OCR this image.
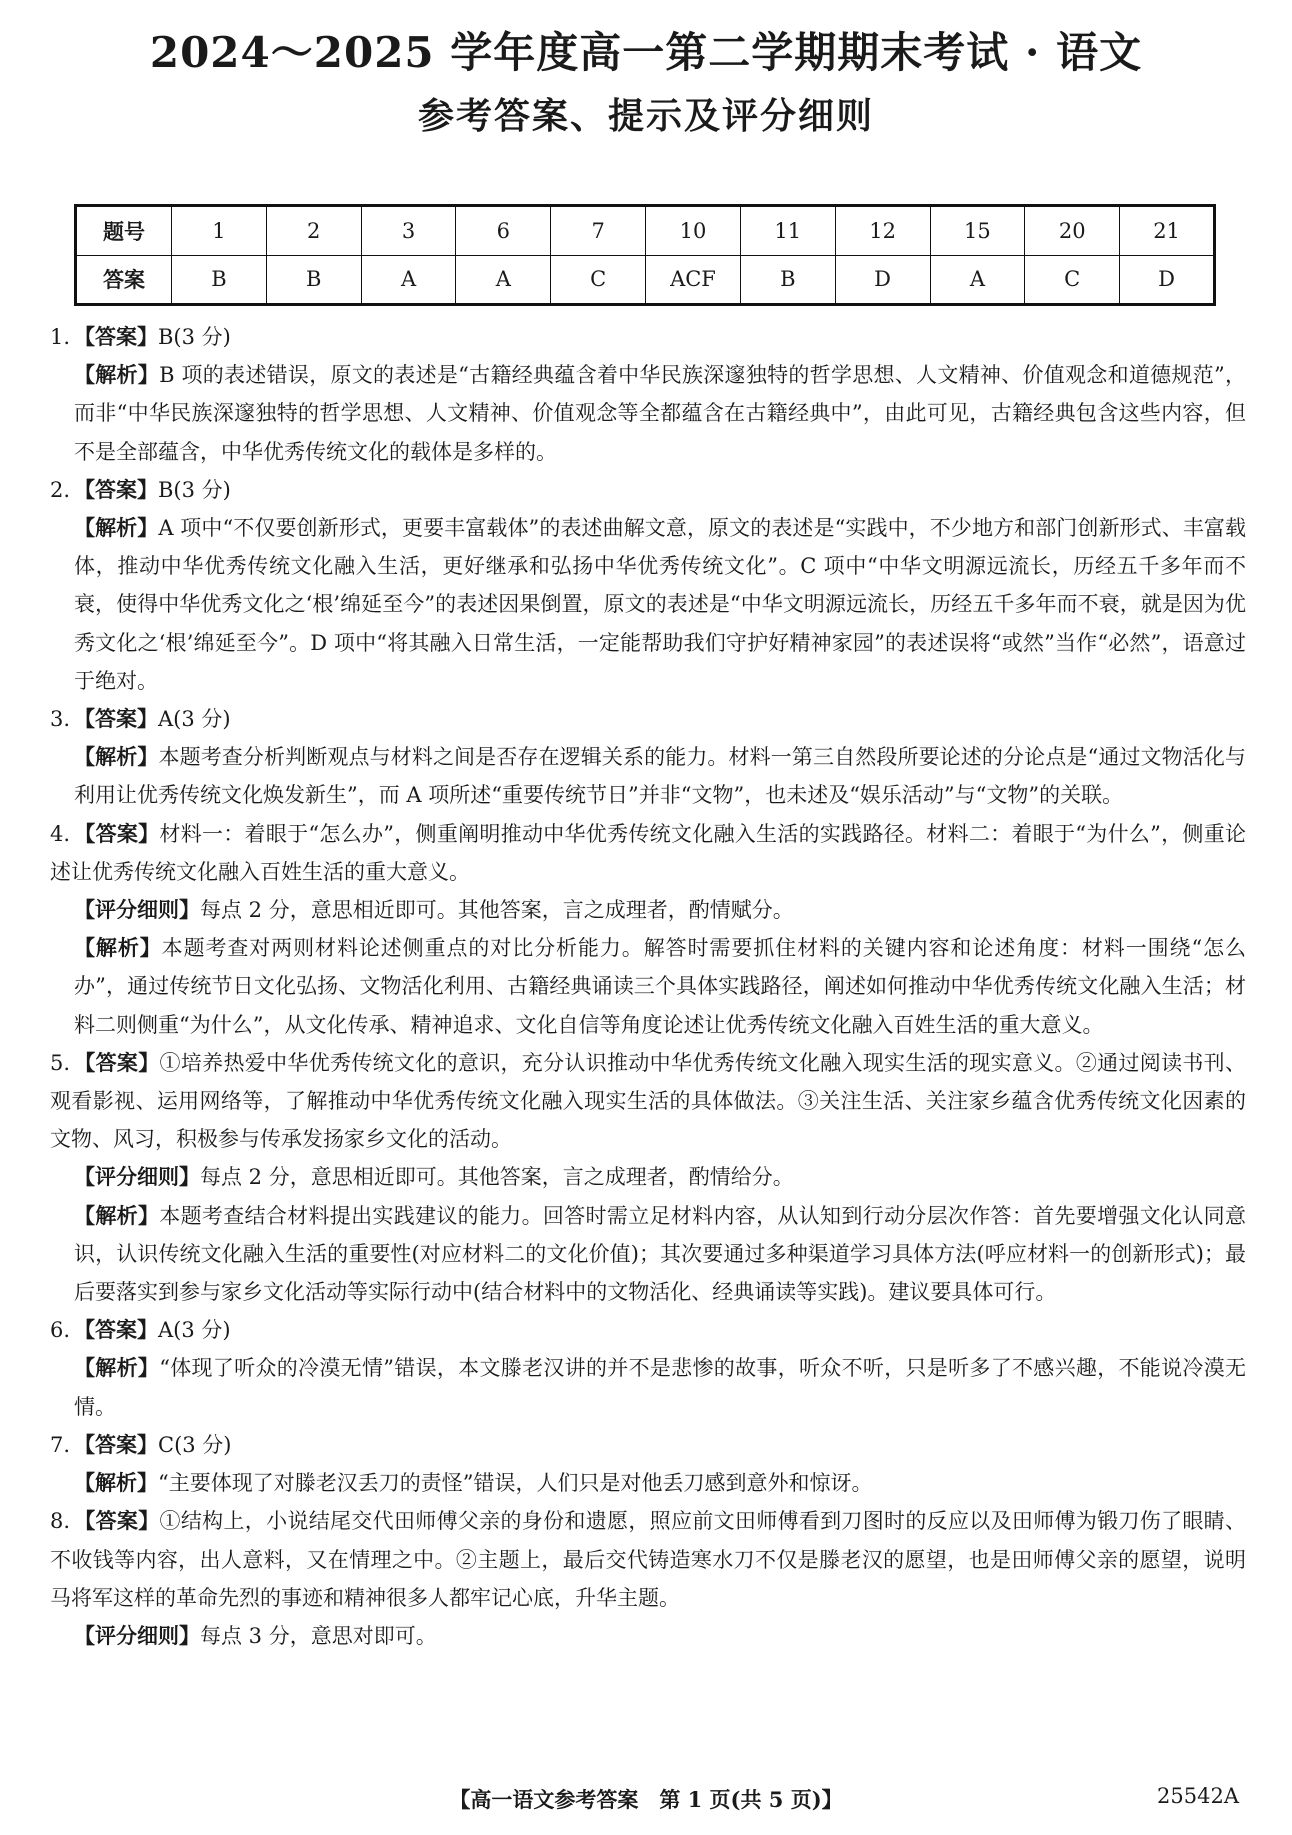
2024～2025 学年度高一第二学期期末考试 · 语文
参考答案、提示及评分细则
题号	1	2	3	6	7	10	11	12	15	20	21
答案	B	B	A	A	C	ACF	B	D	A	C	D
1. 【答案】B(3 分)
【解析】B 项的表述错误，原文的表述是“古籍经典蕴含着中华民族深邃独特的哲学思想、人文精神、价值观念和道德规范”，而非“中华民族深邃独特的哲学思想、人文精神、价值观念等全都蕴含在古籍经典中”，由此可见，古籍经典包含这些内容，但不是全部蕴含，中华优秀传统文化的载体是多样的。
2. 【答案】B(3 分)
【解析】A 项中“不仅要创新形式，更要丰富载体”的表述曲解文意，原文的表述是“实践中，不少地方和部门创新形式、丰富载体，推动中华优秀传统文化融入生活，更好继承和弘扬中华优秀传统文化”。C 项中“中华文明源远流长，历经五千多年而不衰，使得中华优秀文化之‘根’绵延至今”的表述因果倒置，原文的表述是“中华文明源远流长，历经五千多年而不衰，就是因为优秀文化之‘根’绵延至今”。D 项中“将其融入日常生活，一定能帮助我们守护好精神家园”的表述误将“或然”当作“必然”，语意过于绝对。
3. 【答案】A(3 分)
【解析】本题考查分析判断观点与材料之间是否存在逻辑关系的能力。材料一第三自然段所要论述的分论点是“通过文物活化与利用让优秀传统文化焕发新生”，而 A 项所述“重要传统节日”并非“文物”，也未述及“娱乐活动”与“文物”的关联。
4. 【答案】材料一：着眼于“怎么办”，侧重阐明推动中华优秀传统文化融入生活的实践路径。材料二：着眼于“为什么”，侧重论述让优秀传统文化融入百姓生活的重大意义。
【评分细则】每点 2 分，意思相近即可。其他答案，言之成理者，酌情赋分。
【解析】本题考查对两则材料论述侧重点的对比分析能力。解答时需要抓住材料的关键内容和论述角度：材料一围绕“怎么办”，通过传统节日文化弘扬、文物活化利用、古籍经典诵读三个具体实践路径，阐述如何推动中华优秀传统文化融入生活；材料二则侧重“为什么”，从文化传承、精神追求、文化自信等角度论述让优秀传统文化融入百姓生活的重大意义。
5. 【答案】①培养热爱中华优秀传统文化的意识，充分认识推动中华优秀传统文化融入现实生活的现实意义。②通过阅读书刊、观看影视、运用网络等，了解推动中华优秀传统文化融入现实生活的具体做法。③关注生活、关注家乡蕴含优秀传统文化因素的文物、风习，积极参与传承发扬家乡文化的活动。
【评分细则】每点 2 分，意思相近即可。其他答案，言之成理者，酌情给分。
【解析】本题考查结合材料提出实践建议的能力。回答时需立足材料内容，从认知到行动分层次作答：首先要增强文化认同意识，认识传统文化融入生活的重要性(对应材料二的文化价值)；其次要通过多种渠道学习具体方法(呼应材料一的创新形式)；最后要落实到参与家乡文化活动等实际行动中(结合材料中的文物活化、经典诵读等实践)。建议要具体可行。
6. 【答案】A(3 分)
【解析】“体现了听众的冷漠无情”错误，本文滕老汉讲的并不是悲惨的故事，听众不听，只是听多了不感兴趣，不能说冷漠无情。
7. 【答案】C(3 分)
【解析】“主要体现了对滕老汉丢刀的责怪”错误，人们只是对他丢刀感到意外和惊讶。
8. 【答案】①结构上，小说结尾交代田师傅父亲的身份和遗愿，照应前文田师傅看到刀图时的反应以及田师傅为锻刀伤了眼睛、不收钱等内容，出人意料，又在情理之中。②主题上，最后交代铸造寒水刀不仅是滕老汉的愿望，也是田师傅父亲的愿望，说明马将军这样的革命先烈的事迹和精神很多人都牢记心底，升华主题。
【评分细则】每点 3 分，意思对即可。
【高一语文参考答案　第 1 页(共 5 页)】	25542A
